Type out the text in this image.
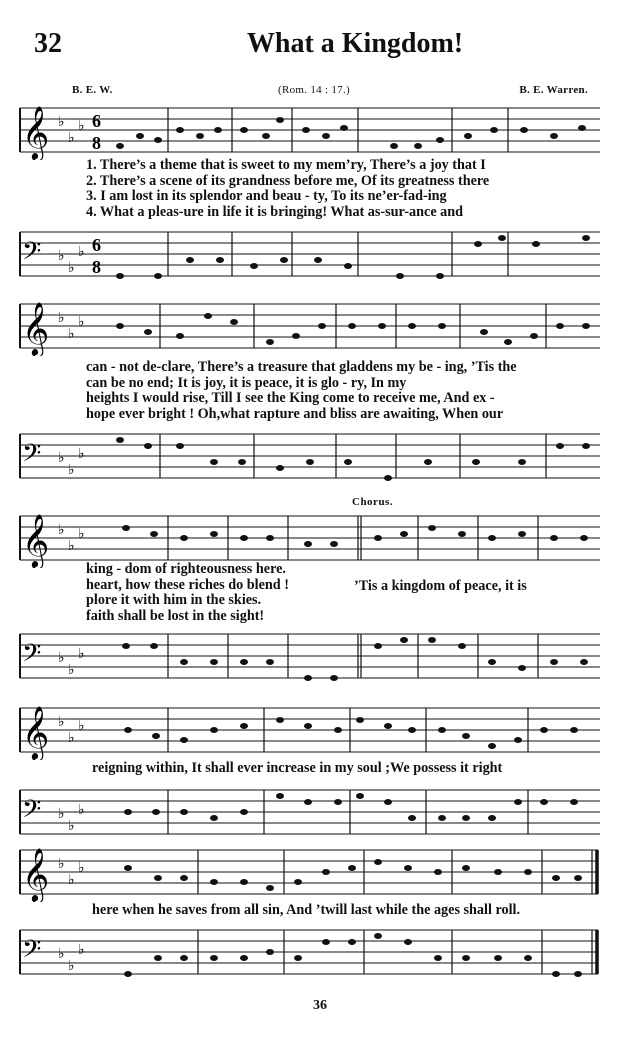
32	What a Kingdom!
B. E. W.	(Rom. 14 : 17.)	B. E. Warren.
𝄞 ♭
♭
♭ 6
8
1. There’s a theme that is sweet to my mem’ry, There’s a joy that I
2. There’s a scene of its grandness before me, Of its greatness there
3. I am lost in its splendor and beau - ty, To its ne’er-fad-ing
4. What a pleas-ure in life it is bringing! What as-sur-ance and
𝄢 ♭
♭
♭ 6
8
𝄞 ♭
♭
♭
can - not de-clare, There’s a treasure that gladdens my be - ing, ’Tis the
can be no end; It is joy, it is peace, it is glo - ry, In my
heights I would rise, Till I see the King come to receive me, And ex -
hope ever bright ! Oh,what rapture and bliss are awaiting, When our
𝄢 ♭
♭
♭
Chorus.
𝄞 ♭
♭
♭
king - dom of righteousness here.
heart, how these riches do blend !
plore it with him in the skies.
faith shall be lost in the sight!
’Tis a kingdom of peace, it is
𝄢 ♭
♭
♭
𝄞 ♭
♭
♭
reigning within, It shall ever increase in my soul ;We possess it right
𝄢 ♭
♭
♭
𝄞 ♭
♭
♭
here when he saves from all sin, And ’twill last while the ages shall roll.
𝄢 ♭
♭
♭
36
